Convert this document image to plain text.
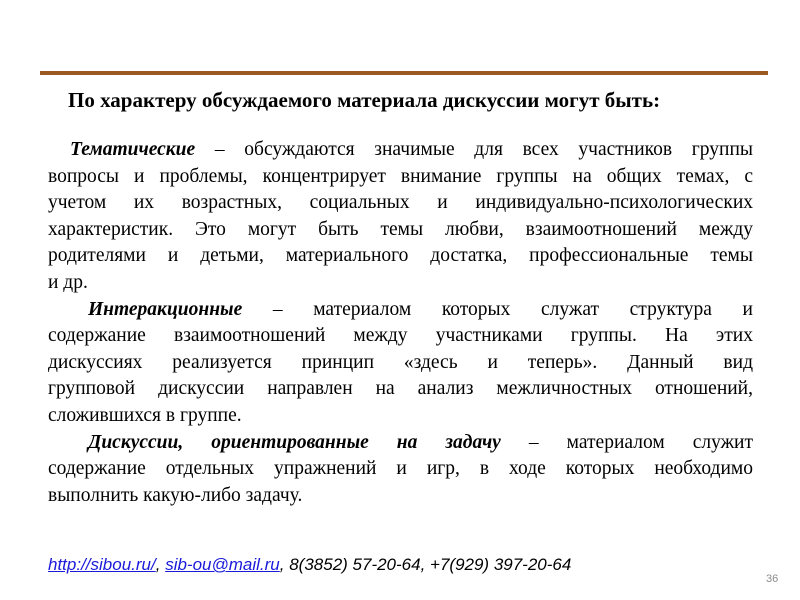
По характеру обсуждаемого материала дискуссии могут быть:
Тематические – обсуждаются значимые для всех участников группы
вопросы и проблемы, концентрирует внимание группы на общих темах, с
учетом их возрастных, социальных и индивидуально-психологических
характеристик. Это могут быть темы любви, взаимоотношений между
родителями и детьми, материального достатка, профессиональные темы
и др.
Интеракционные – материалом которых служат структура и
содержание взаимоотношений между участниками группы. На этих
дискуссиях реализуется принцип «здесь и теперь». Данный вид
групповой дискуссии направлен на анализ межличностных отношений,
сложившихся в группе.
Дискуссии, ориентированные на задачу – материалом служит
содержание отдельных упражнений и игр, в ходе которых необходимо
выполнить какую-либо задачу.
http://sibou.ru/, sib-ou@mail.ru, 8(3852) 57-20-64, +7(929) 397-20-64
36
